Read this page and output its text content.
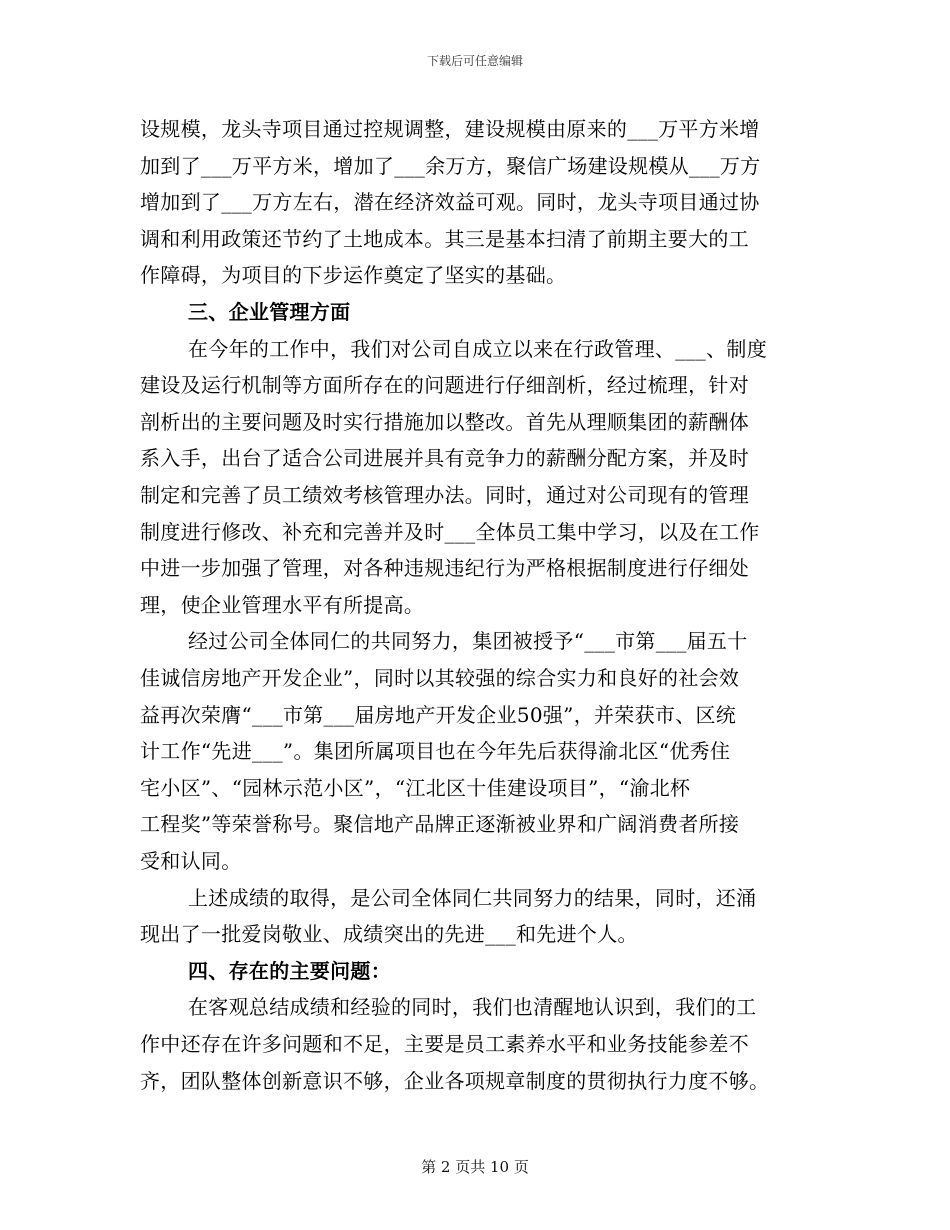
下载后可任意编辑
设规模，龙头寺项目通过控规调整，建设规模由原来的___万平方米增
加到了___万平方米，增加了___余万方，聚信广场建设规模从___万方
增加到了___万方左右，潜在经济效益可观。同时，龙头寺项目通过协
调和利用政策还节约了土地成本。其三是基本扫清了前期主要大的工
作障碍，为项目的下步运作奠定了坚实的基础。
三、企业管理方面
在今年的工作中，我们对公司自成立以来在行政管理、___、制度
建设及运行机制等方面所存在的问题进行仔细剖析，经过梳理，针对
剖析出的主要问题及时实行措施加以整改。首先从理顺集团的薪酬体
系入手，出台了适合公司进展并具有竞争力的薪酬分配方案，并及时
制定和完善了员工绩效考核管理办法。同时，通过对公司现有的管理
制度进行修改、补充和完善并及时___全体员工集中学习，以及在工作
中进一步加强了管理，对各种违规违纪行为严格根据制度进行仔细处
理，使企业管理水平有所提高。
经过公司全体同仁的共同努力，集团被授予“___市第___届五十
佳诚信房地产开发企业”，同时以其较强的综合实力和良好的社会效
益再次荣膺“___市第___届房地产开发企业50强”，并荣获市、区统
计工作“先进___”。集团所属项目也在今年先后获得渝北区“优秀住
宅小区”、“园林示范小区”，“江北区十佳建设项目”，“渝北杯
工程奖”等荣誉称号。聚信地产品牌正逐渐被业界和广阔消费者所接
受和认同。
上述成绩的取得，是公司全体同仁共同努力的结果，同时，还涌
现出了一批爱岗敬业、成绩突出的先进___和先进个人。
四、存在的主要问题：
在客观总结成绩和经验的同时，我们也清醒地认识到，我们的工
作中还存在许多问题和不足，主要是员工素养水平和业务技能参差不
齐，团队整体创新意识不够，企业各项规章制度的贯彻执行力度不够。
第 2 页共 10 页
